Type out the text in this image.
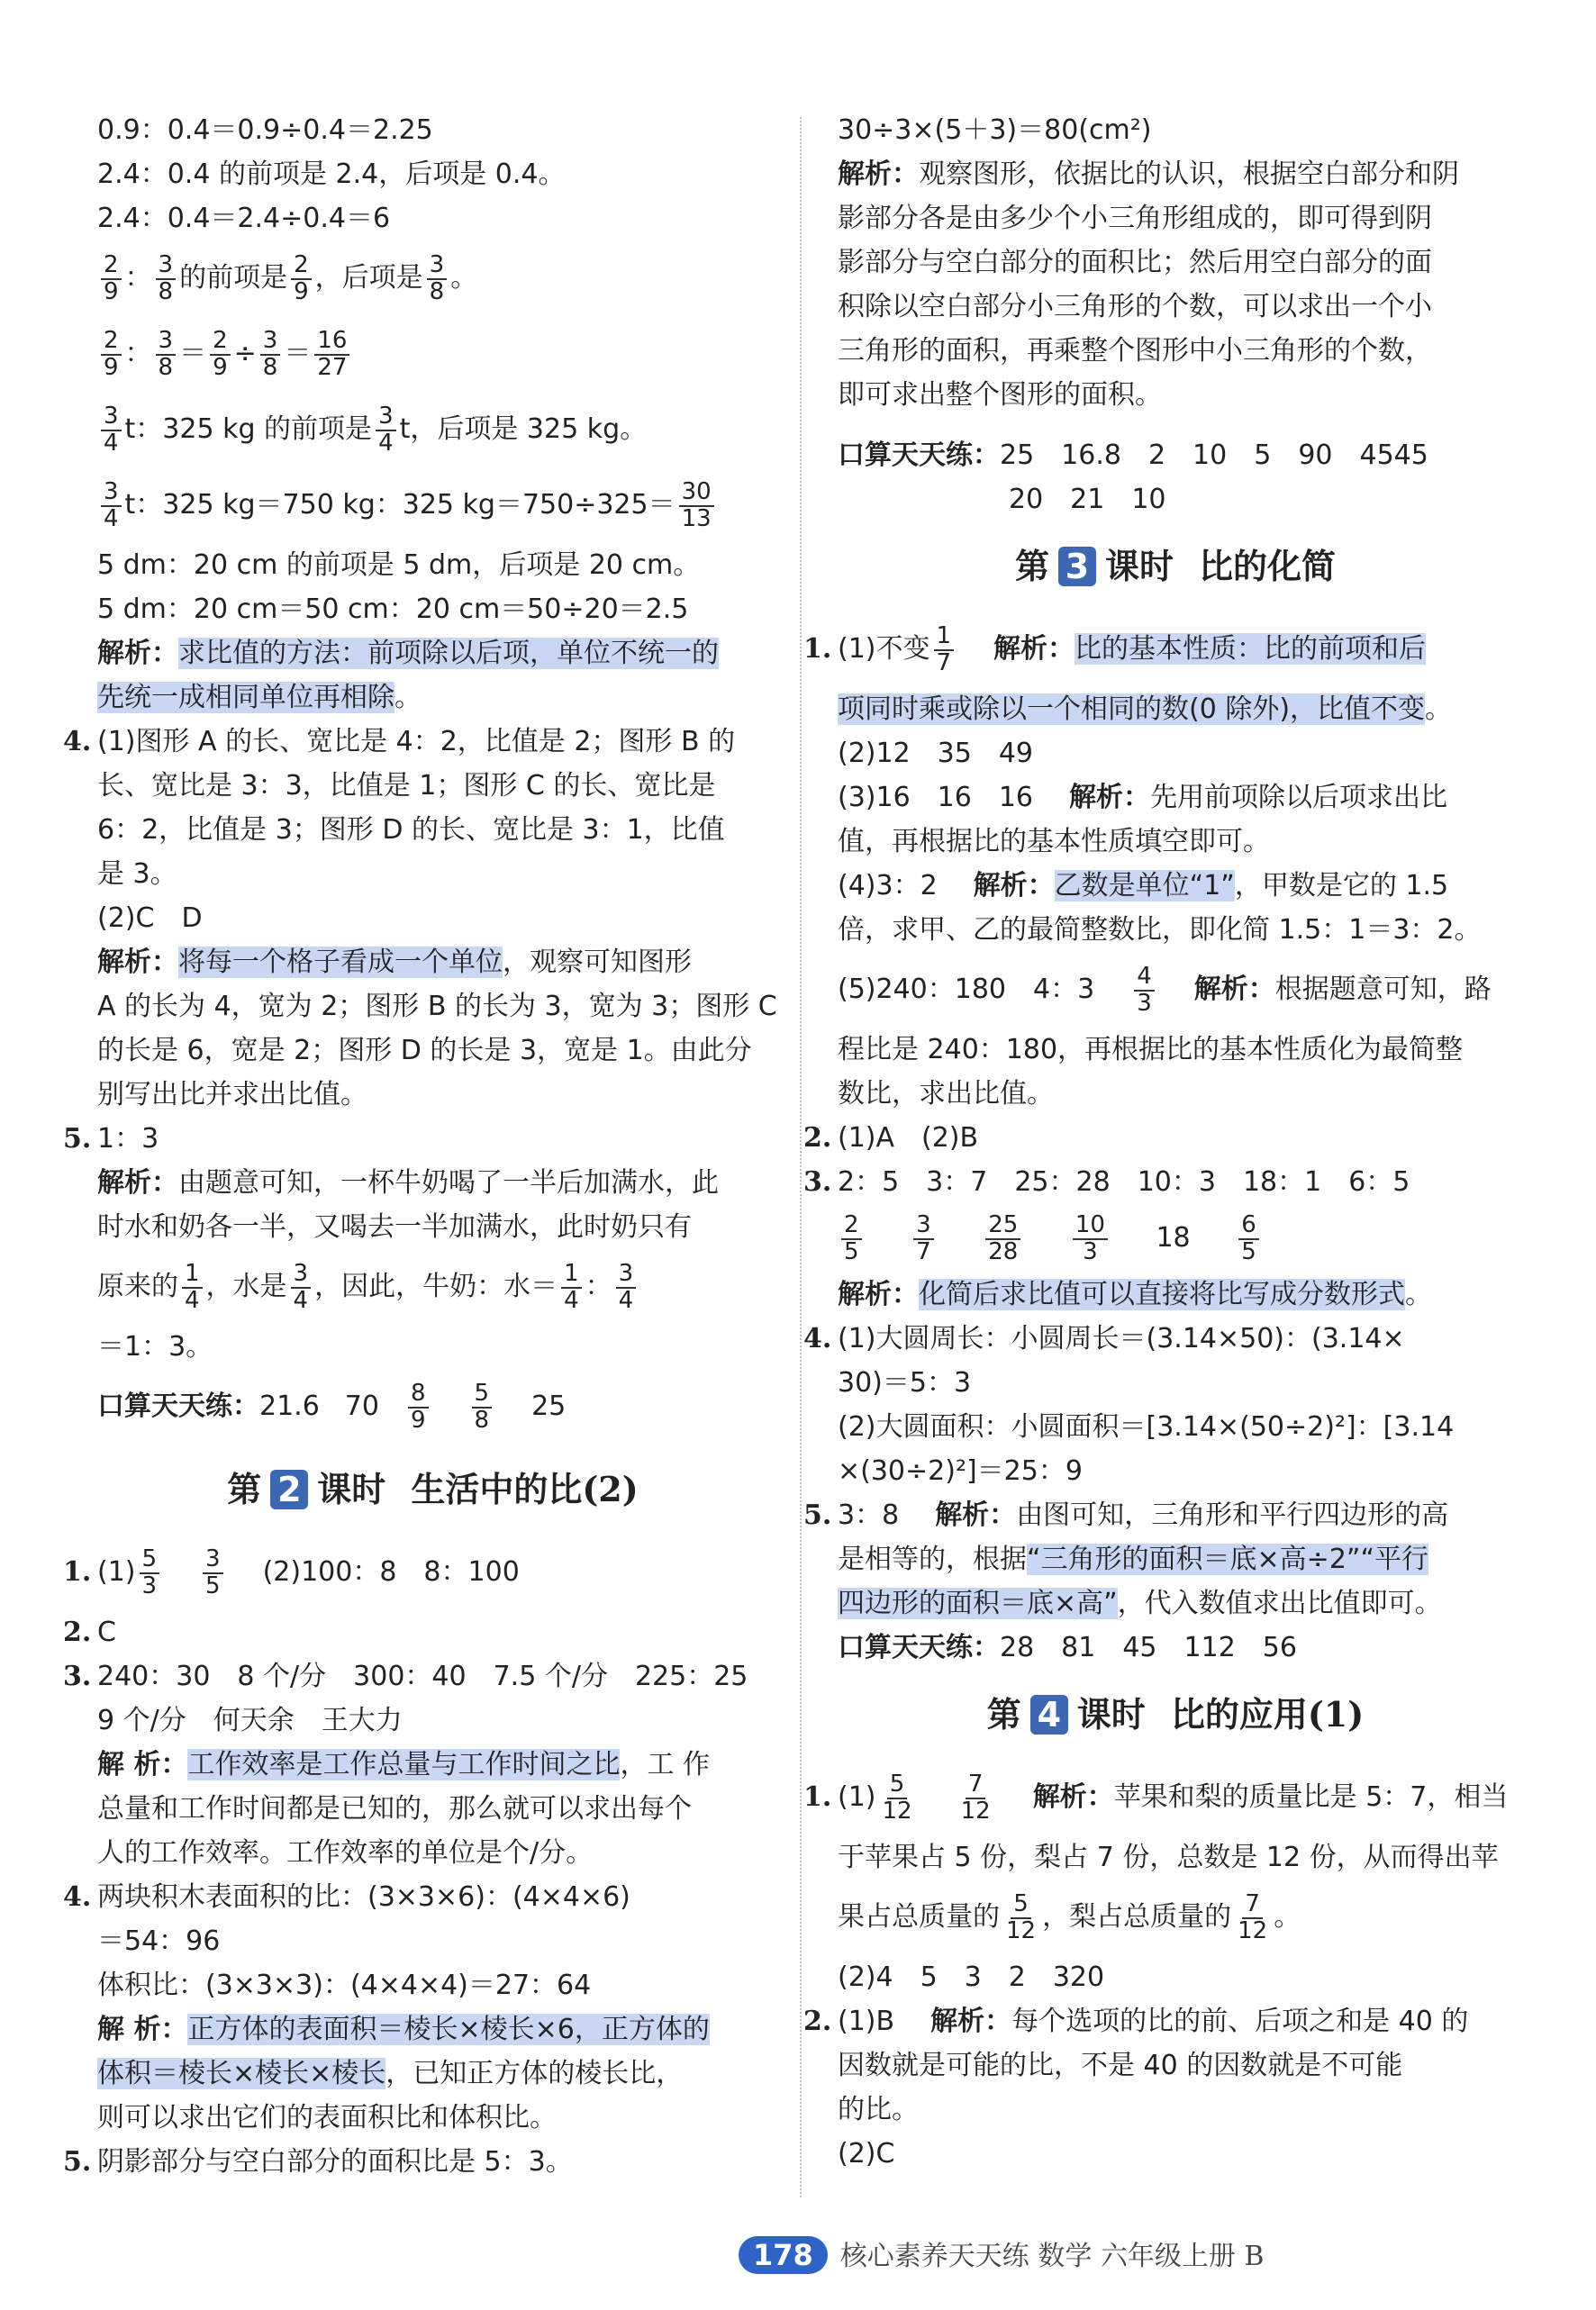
0.9：0.4＝0.9÷0.4＝2.25
2.4：0.4 的前项是 2.4，后项是 0.4。
2.4：0.4＝2.4÷0.4＝6
$\frac{2}{9}$ ： $\frac{3}{8}$ 的前项是 $\frac{2}{9}$ ，后项是 $\frac{3}{8}$ 。
$\frac{2}{9}$ ： $\frac{3}{8} = \frac{2}{9} \div \frac{3}{8} = \frac{16}{27}$
$\frac{3}{4}$ t：325 kg 的前项是 $\frac{3}{4}$ t，后项是 325 kg。
$\frac{3}{4}$ t：325 kg＝750 kg：325 $kg=750\div 325= \frac{30}{13}$
5 dm：20 cm 的前项是 5 dm，后项是 20 cm。
5 dm：20 cm＝50 cm：20 cm＝50÷20＝2.5
解析：求比值的方法：前项除以后项，单位不统一的
先统一成相同单位再相除。
4. (1)图形 A 的长、宽比是 4：2，比值是 2；图形 B 的
长、宽比是 3：3，比值是 1；图形 C 的长、宽比是
6：2，比值是 3；图形 D 的长、宽比是 3：1，比值
是 3。
(2)C　D
解析：将每一个格子看成一个单位，观察可知图形
A 的长为 4，宽为 2；图形 B 的长为 3，宽为 3；图形 C
的长是 6，宽是 2；图形 D 的长是 3，宽是 1。由此分
别写出比并求出比值。
5. 1：3
解析：由题意可知，一杯牛奶喝了一半后加满水，此
时水和奶各一半，又喝去一半加满水，此时奶只有
原来的 $\frac{1}{4}$ ，水是 $\frac{3}{4}$ ，因此，牛奶：水＝ $\frac{1}{4}$ ： $\frac{3}{4}$
＝1：3。
口算天天练：21.6 $70 \frac{8}{9} \frac{5}{8} 25$
第 2 课时 生活中的比(2)
1. $(1) \frac{5}{3} \frac{3}{5} (2)100$：8　8：100
2. C
3. 240：30　8 个/分　300：40　7.5 个/分　225：25
9 个/分　何天余　王大力
解 析：工作效率是工作总量与工作时间之比，工 作
总量和工作时间都是已知的，那么就可以求出每个
人的工作效率。工作效率的单位是个/分。
4. 两块积木表面积的比：(3×3×6)：(4×4×6)
＝54：96
体积比：(3×3×3)：(4×4×4)＝27：64
解 析：正方体的表面积＝棱长×棱长×6，正方体的
体积＝棱长×棱长×棱长，已知正方体的棱长比，
则可以求出它们的表面积比和体积比。
5. 阴影部分与空白部分的面积比是 5：3。
30÷3×(5＋3)＝80(cm²)
解析：观察图形，依据比的认识，根据空白部分和阴
影部分各是由多少个小三角形组成的，即可得到阴
影部分与空白部分的面积比；然后用空白部分的面
积除以空白部分小三角形的个数，可以求出一个小
三角形的面积，再乘整个图形中小三角形的个数，
即可求出整个图形的面积。
口算天天练：25　16.8　2　10　5　90　4545
20　21　10
第 3 课时 比的化简
1. (1)不变 $\frac{1}{7}$ 解析：比的基本性质：比的前项和后
项同时乘或除以一个相同的数(0 除外)，比值不变。
(2)12　35　49
(3)16　16　16 解析：先用前项除以后项求出比
值，再根据比的基本性质填空即可。
(4)3：2 解析：乙数是单位“1”，甲数是它的 1.5
倍，求甲、乙的最简整数比，即化简 1.5：1＝3：2。
(5)240：180　4：$3 \frac{4}{3}$ 解析：根据题意可知，路
程比是 240：180，再根据比的基本性质化为最简整
数比，求出比值。
2. (1)A　(2)B
3. 2：5　3：7　25：28　10：3　18：1　6：5
$\frac{2}{5}$
$\frac{3}{7}$
$\frac{25}{28}$
$\frac{10}{3} 18 \frac{6}{5}$
解析：化简后求比值可以直接将比写成分数形式。
4. (1)大圆周长：小圆周长＝(3.14×50)：(3.14×
30)＝5：3
(2)大圆面积：小圆面积＝[3.14×(50÷2)²]：[3.14
×(30÷2)²]＝25：9
5. 3：8 解析：由图可知，三角形和平行四边形的高
是相等的，根据“三角形的面积＝底×高÷2”“平行
四边形的面积＝底×高”，代入数值求出比值即可。
口算天天练：28　81　45　112　56
第 4 课时 比的应用(1)
1. $(1) \frac{5}{12} \frac{7}{12}$ 解析：苹果和梨的质量比是 5：7，相当
于苹果占 5 份，梨占 7 份，总数是 12 份，从而得出苹
果占总质量的 $\frac{5}{12}$ ，梨占总质量的 $\frac{7}{12}$ 。
(2)4　5　3　2　320
2. (1)B 解析：每个选项的比的前、后项之和是 40 的
因数就是可能的比，不是 40 的因数就是不可能
的比。
(2)C
178 核心素养天天练 数学 六年级上册 B
